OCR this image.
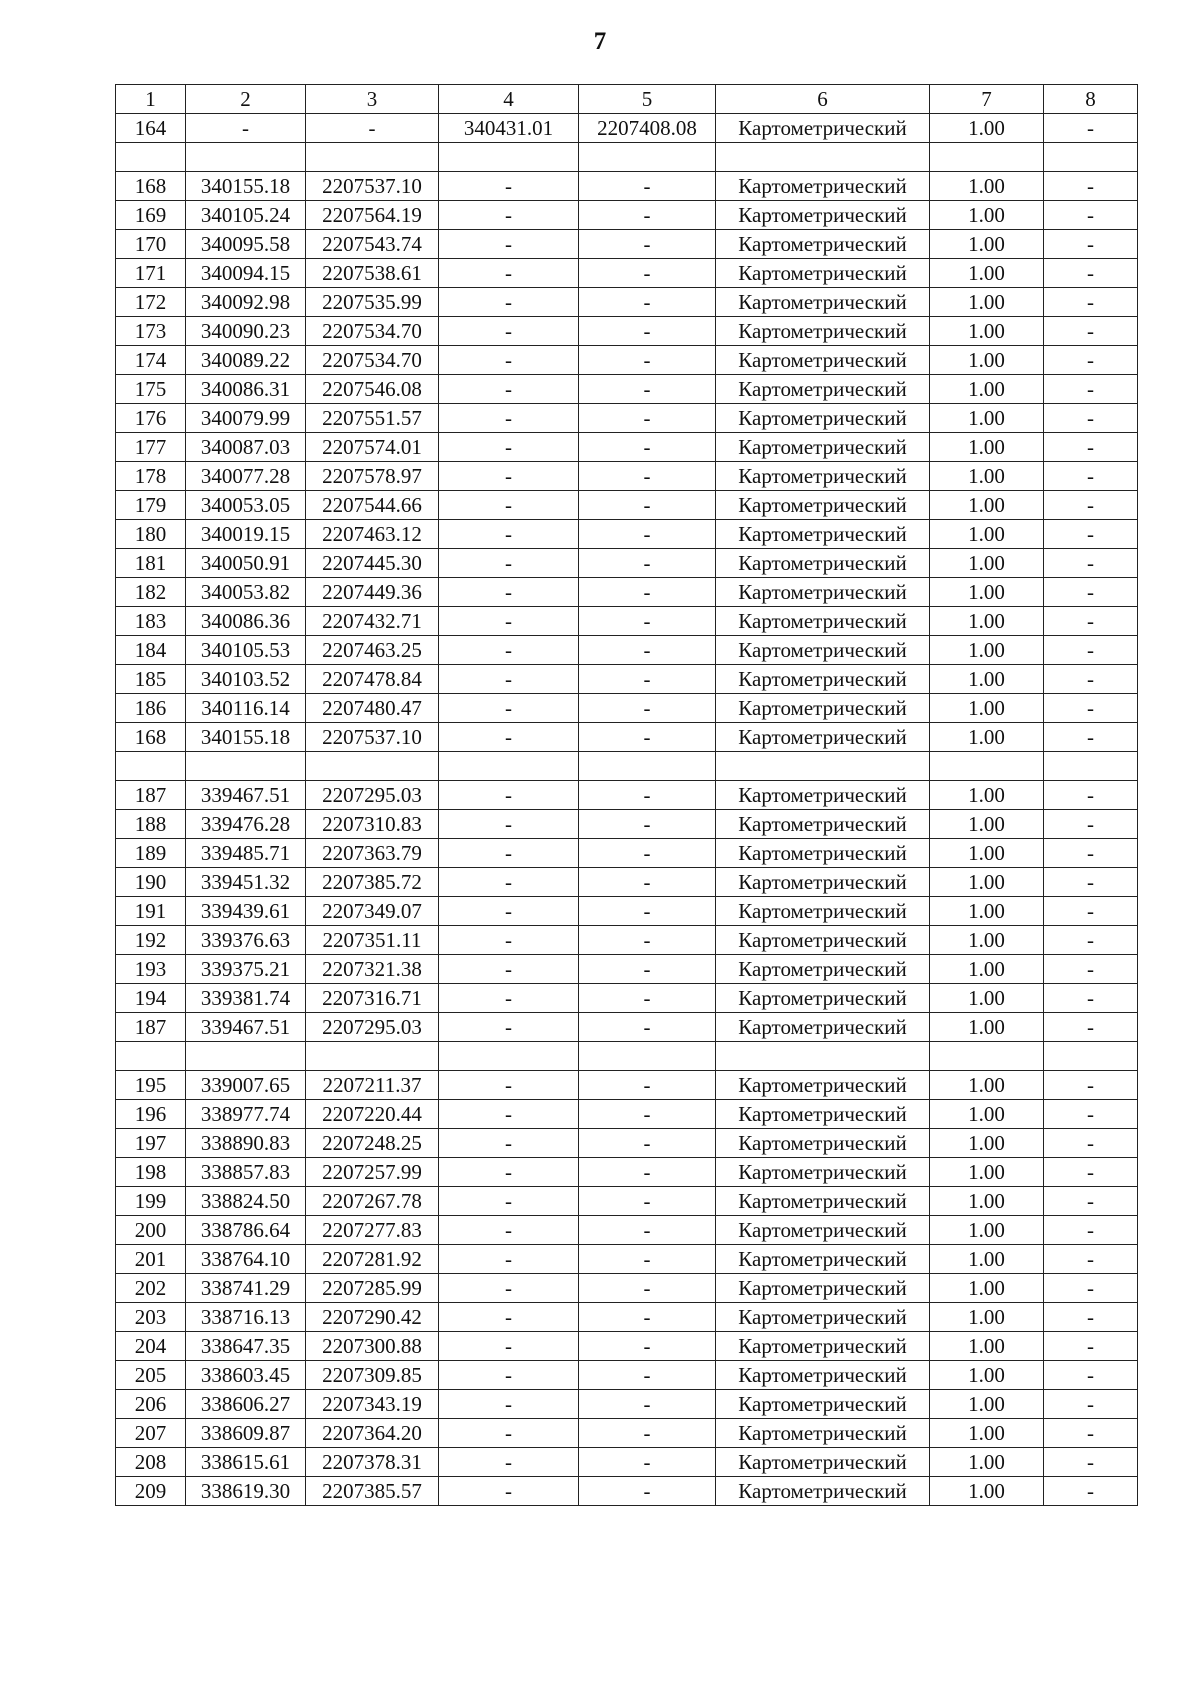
7
1	2	3	4	5	6	7	8
164	-	-	340431.01	2207408.08	Картометрический	1.00	-

168	340155.18	2207537.10	-	-	Картометрический	1.00	-
169	340105.24	2207564.19	-	-	Картометрический	1.00	-
170	340095.58	2207543.74	-	-	Картометрический	1.00	-
171	340094.15	2207538.61	-	-	Картометрический	1.00	-
172	340092.98	2207535.99	-	-	Картометрический	1.00	-
173	340090.23	2207534.70	-	-	Картометрический	1.00	-
174	340089.22	2207534.70	-	-	Картометрический	1.00	-
175	340086.31	2207546.08	-	-	Картометрический	1.00	-
176	340079.99	2207551.57	-	-	Картометрический	1.00	-
177	340087.03	2207574.01	-	-	Картометрический	1.00	-
178	340077.28	2207578.97	-	-	Картометрический	1.00	-
179	340053.05	2207544.66	-	-	Картометрический	1.00	-
180	340019.15	2207463.12	-	-	Картометрический	1.00	-
181	340050.91	2207445.30	-	-	Картометрический	1.00	-
182	340053.82	2207449.36	-	-	Картометрический	1.00	-
183	340086.36	2207432.71	-	-	Картометрический	1.00	-
184	340105.53	2207463.25	-	-	Картометрический	1.00	-
185	340103.52	2207478.84	-	-	Картометрический	1.00	-
186	340116.14	2207480.47	-	-	Картометрический	1.00	-
168	340155.18	2207537.10	-	-	Картометрический	1.00	-

187	339467.51	2207295.03	-	-	Картометрический	1.00	-
188	339476.28	2207310.83	-	-	Картометрический	1.00	-
189	339485.71	2207363.79	-	-	Картометрический	1.00	-
190	339451.32	2207385.72	-	-	Картометрический	1.00	-
191	339439.61	2207349.07	-	-	Картометрический	1.00	-
192	339376.63	2207351.11	-	-	Картометрический	1.00	-
193	339375.21	2207321.38	-	-	Картометрический	1.00	-
194	339381.74	2207316.71	-	-	Картометрический	1.00	-
187	339467.51	2207295.03	-	-	Картометрический	1.00	-

195	339007.65	2207211.37	-	-	Картометрический	1.00	-
196	338977.74	2207220.44	-	-	Картометрический	1.00	-
197	338890.83	2207248.25	-	-	Картометрический	1.00	-
198	338857.83	2207257.99	-	-	Картометрический	1.00	-
199	338824.50	2207267.78	-	-	Картометрический	1.00	-
200	338786.64	2207277.83	-	-	Картометрический	1.00	-
201	338764.10	2207281.92	-	-	Картометрический	1.00	-
202	338741.29	2207285.99	-	-	Картометрический	1.00	-
203	338716.13	2207290.42	-	-	Картометрический	1.00	-
204	338647.35	2207300.88	-	-	Картометрический	1.00	-
205	338603.45	2207309.85	-	-	Картометрический	1.00	-
206	338606.27	2207343.19	-	-	Картометрический	1.00	-
207	338609.87	2207364.20	-	-	Картометрический	1.00	-
208	338615.61	2207378.31	-	-	Картометрический	1.00	-
209	338619.30	2207385.57	-	-	Картометрический	1.00	-
